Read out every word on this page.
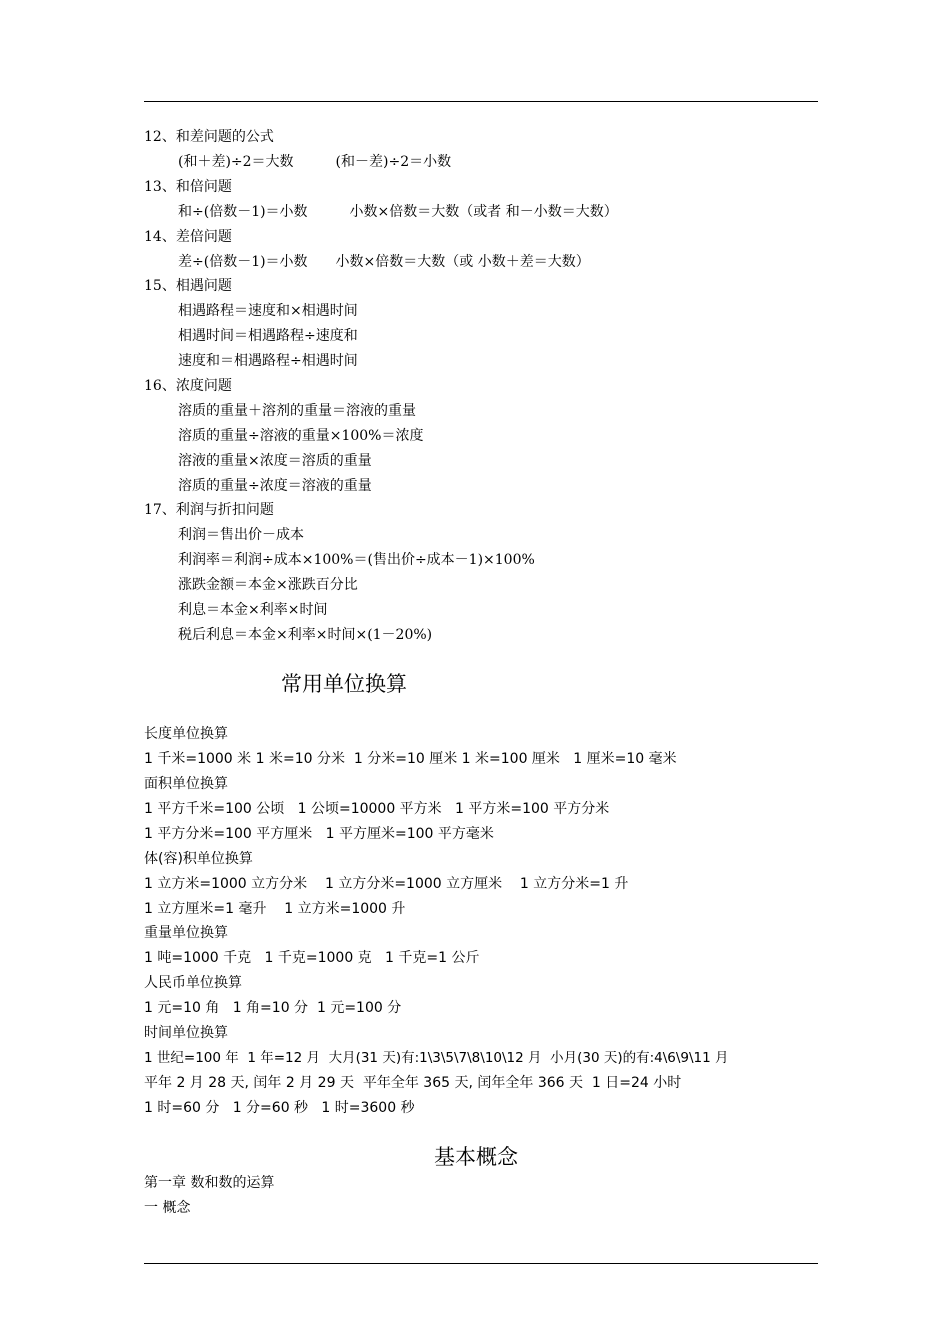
12、和差问题的公式
(和＋差)÷2＝大数　　　(和－差)÷2＝小数
13、和倍问题
和÷(倍数－1)＝小数　　　小数×倍数＝大数（或者 和－小数＝大数）
14、差倍问题
差÷(倍数－1)＝小数　　小数×倍数＝大数（或 小数＋差＝大数）
15、相遇问题
相遇路程＝速度和×相遇时间
相遇时间＝相遇路程÷速度和
速度和＝相遇路程÷相遇时间
16、浓度问题
溶质的重量＋溶剂的重量＝溶液的重量
溶质的重量÷溶液的重量×100%＝浓度
溶液的重量×浓度＝溶质的重量
溶质的重量÷浓度＝溶液的重量
17、利润与折扣问题
利润＝售出价－成本
利润率＝利润÷成本×100%＝(售出价÷成本－1)×100%
涨跌金额＝本金×涨跌百分比
利息＝本金×利率×时间
税后利息＝本金×利率×时间×(1－20%)
常用单位换算
长度单位换算
1 千米=1000 米 1 米=10 分米  1 分米=10 厘米 1 米=100 厘米   1 厘米=10 毫米
面积单位换算
1 平方千米=100 公顷   1 公顷=10000 平方米   1 平方米=100 平方分米
1 平方分米=100 平方厘米   1 平方厘米=100 平方毫米
体(容)积单位换算
1 立方米=1000 立方分米    1 立方分米=1000 立方厘米    1 立方分米=1 升
1 立方厘米=1 毫升    1 立方米=1000 升
重量单位换算
1 吨=1000 千克   1 千克=1000 克   1 千克=1 公斤
人民币单位换算
1 元=10 角   1 角=10 分  1 元=100 分
时间单位换算
1 世纪=100 年  1 年=12 月  大月(31 天)有:1\3\5\7\8\10\12 月  小月(30 天)的有:4\6\9\11 月
平年 2 月 28 天, 闰年 2 月 29 天  平年全年 365 天, 闰年全年 366 天  1 日=24 小时
1 时=60 分   1 分=60 秒   1 时=3600 秒
基本概念
第一章 数和数的运算
一 概念
